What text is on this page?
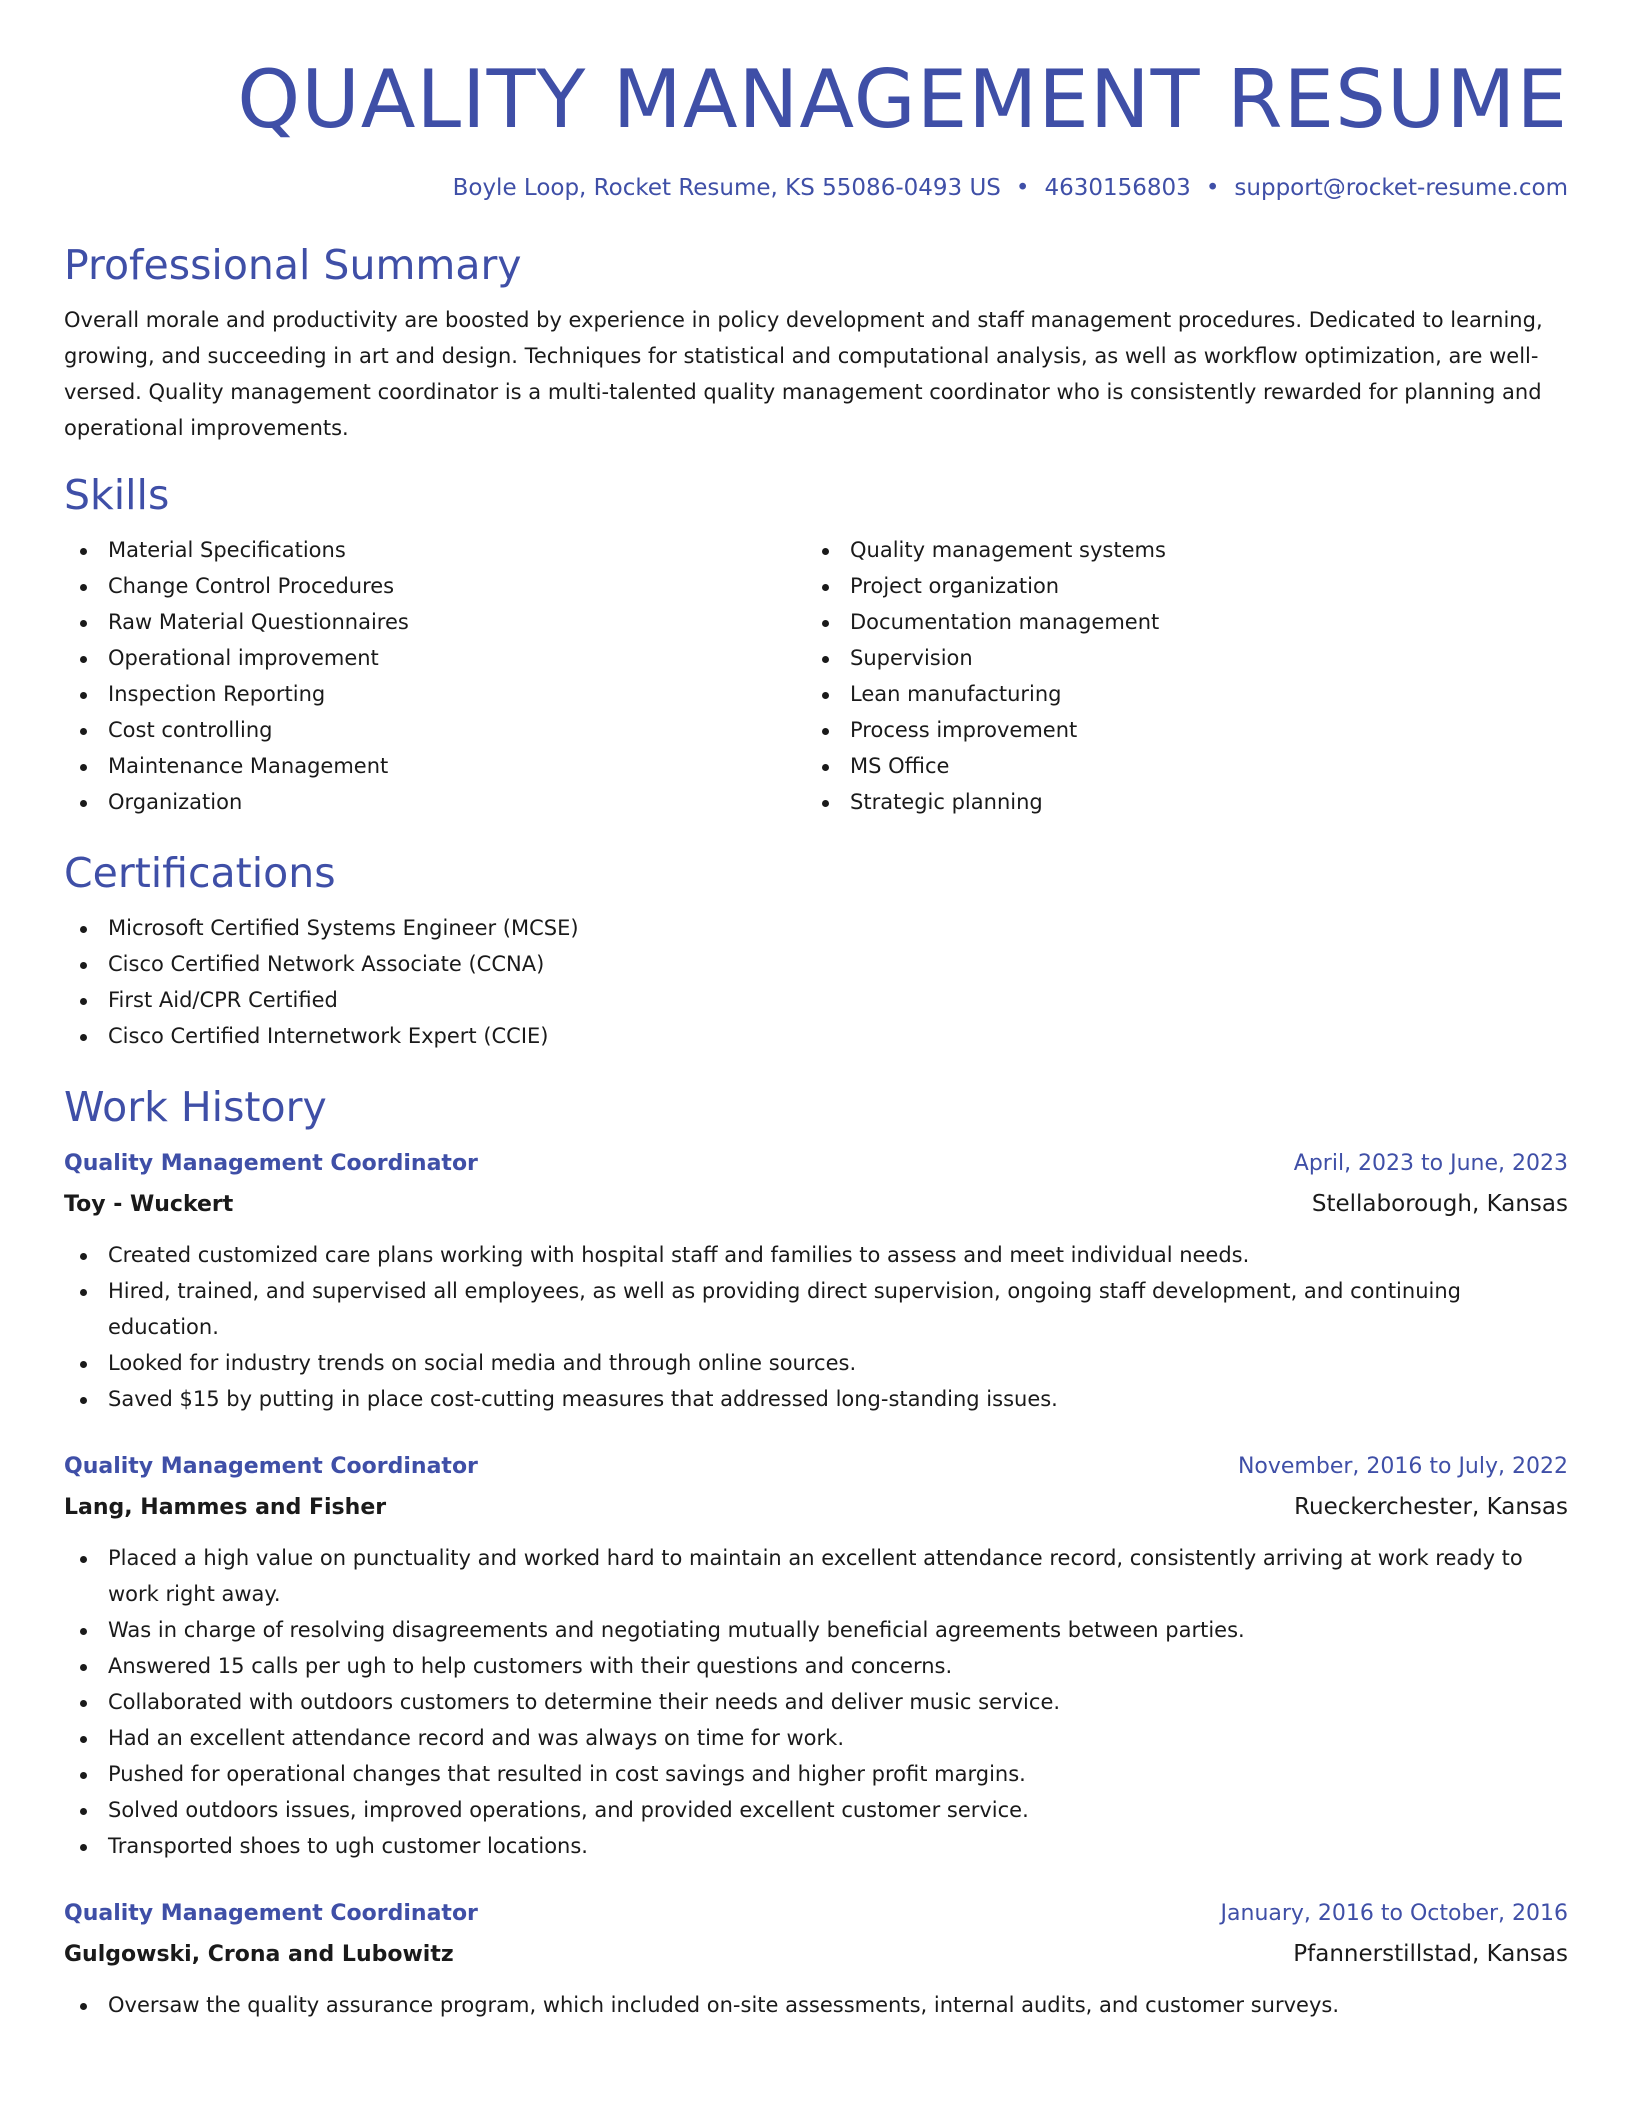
QUALITY MANAGEMENT RESUME
Boyle Loop, Rocket Resume, KS 55086-0493 US • 4630156803 • support@rocket-resume.com
Professional Summary

Overall morale and productivity are boosted by experience in policy development and staff management procedures. Dedicated to learning, growing, and succeeding in art and design. Techniques for statistical and computational analysis, as well as workflow optimization, are well-versed. Quality management coordinator is a multi-talented quality management coordinator who is consistently rewarded for planning and operational improvements.

Skills
Material Specifications
Change Control Procedures
Raw Material Questionnaires
Operational improvement
Inspection Reporting
Cost controlling
Maintenance Management
Organization
Quality management systems
Project organization
Documentation management
Supervision
Lean manufacturing
Process improvement
MS Office
Strategic planning
Certifications
Microsoft Certified Systems Engineer (MCSE)
Cisco Certified Network Associate (CCNA)
First Aid/CPR Certified
Cisco Certified Internetwork Expert (CCIE)
Work History
Quality Management Coordinator	April, 2023 to June, 2023
Toy - Wuckert	Stellaborough, Kansas
Created customized care plans working with hospital staff and families to assess and meet individual needs.
Hired, trained, and supervised all employees, as well as providing direct supervision, ongoing staff development, and continuing education.
Looked for industry trends on social media and through online sources.
Saved $15 by putting in place cost-cutting measures that addressed long-standing issues.
Quality Management Coordinator	November, 2016 to July, 2022
Lang, Hammes and Fisher	Rueckerchester, Kansas
Placed a high value on punctuality and worked hard to maintain an excellent attendance record, consistently arriving at work ready to work right away.
Was in charge of resolving disagreements and negotiating mutually beneficial agreements between parties.
Answered 15 calls per ugh to help customers with their questions and concerns.
Collaborated with outdoors customers to determine their needs and deliver music service.
Had an excellent attendance record and was always on time for work.
Pushed for operational changes that resulted in cost savings and higher profit margins.
Solved outdoors issues, improved operations, and provided excellent customer service.
Transported shoes to ugh customer locations.
Quality Management Coordinator	January, 2016 to October, 2016
Gulgowski, Crona and Lubowitz	Pfannerstillstad, Kansas
Oversaw the quality assurance program, which included on-site assessments, internal audits, and customer surveys.
